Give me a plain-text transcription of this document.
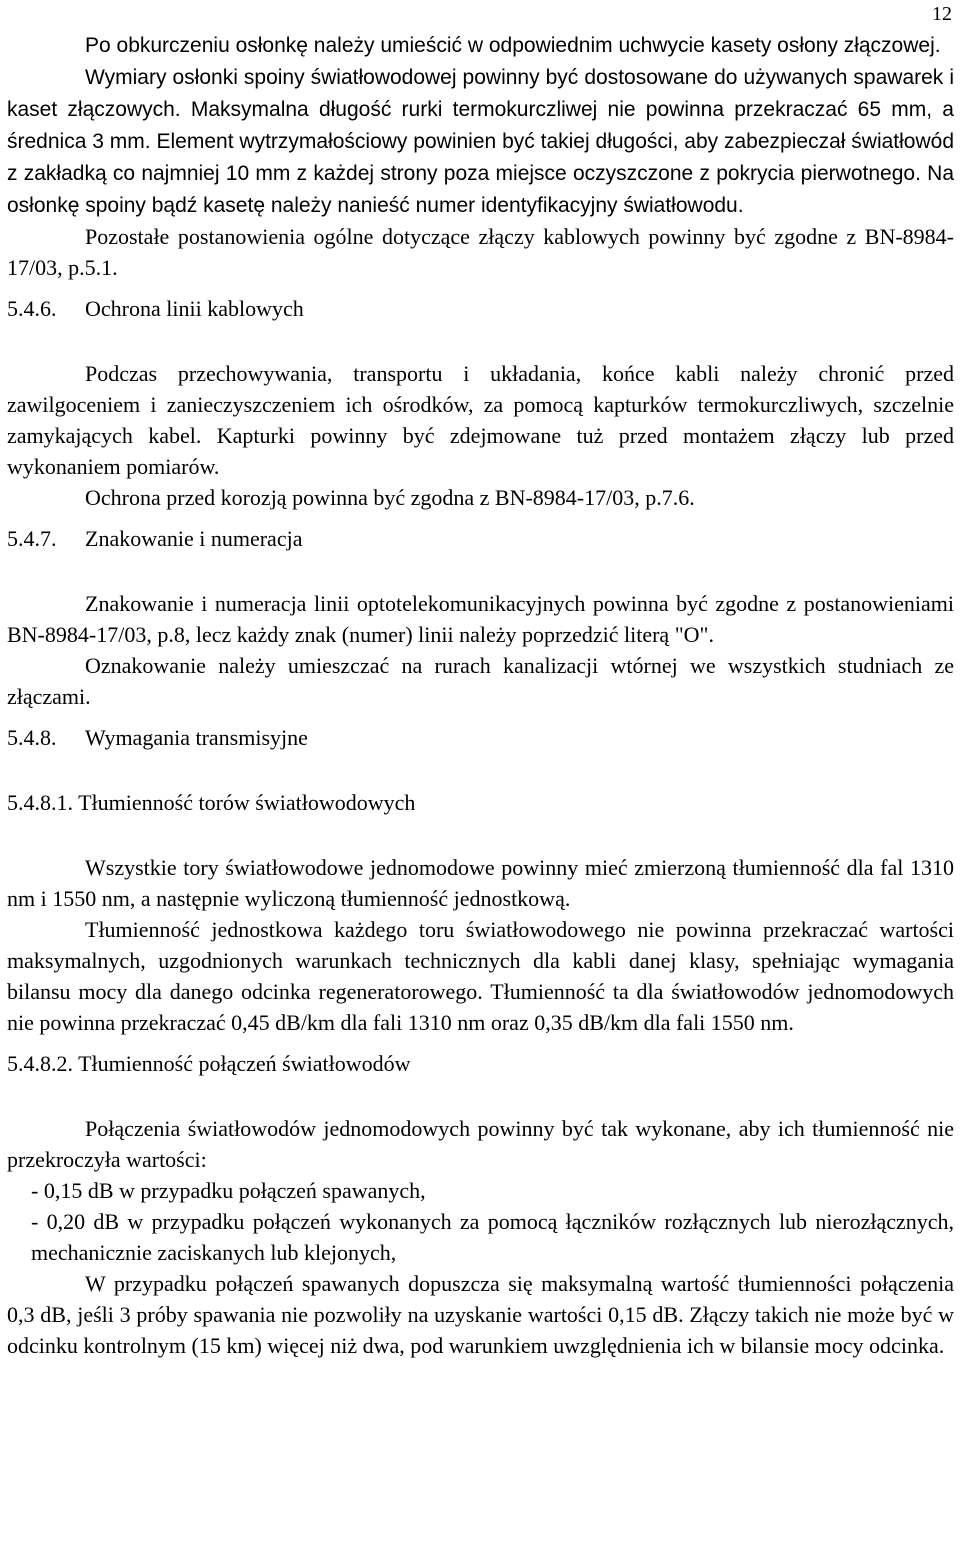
12

Po obkurczeniu osłonkę należy umieścić w odpowiednim uchwycie kasety osłony złączowej.

Wymiary osłonki spoiny światłowodowej powinny być dostosowane do używanych spawarek i kaset złączowych. Maksymalna długość rurki termokurczliwej nie powinna przekraczać 65 mm, a średnica 3 mm. Element wytrzymałościowy powinien być takiej długości, aby zabezpieczał światłowód z zakładką co najmniej 10 mm z każdej strony poza miejsce oczyszczone z pokrycia pierwotnego. Na osłonkę spoiny bądź kasetę należy nanieść numer identyfikacyjny światłowodu.

Pozostałe postanowienia ogólne dotyczące złączy kablowych powinny być zgodne z BN-8984-17/03, p.5.1.

5.4.6. Ochrona linii kablowych

Podczas przechowywania, transportu i układania, końce kabli należy chronić przed zawilgoceniem i zanieczyszczeniem ich ośrodków, za pomocą kapturków termokurczliwych, szczelnie zamykających kabel. Kapturki powinny być zdejmowane tuż przed montażem złączy lub przed wykonaniem pomiarów.

Ochrona przed korozją powinna być zgodna z BN-8984-17/03, p.7.6.

5.4.7. Znakowanie i numeracja

Znakowanie i numeracja linii optotelekomunikacyjnych powinna być zgodne z postanowieniami BN-8984-17/03, p.8, lecz każdy znak (numer) linii należy poprzedzić literą "O".

Oznakowanie należy umieszczać na rurach kanalizacji wtórnej we wszystkich studniach ze złączami.

5.4.8. Wymagania transmisyjne

5.4.8.1. Tłumienność torów światłowodowych

Wszystkie tory światłowodowe jednomodowe powinny mieć zmierzoną tłumienność dla fal 1310 nm i 1550 nm, a następnie wyliczoną tłumienność jednostkową.

Tłumienność jednostkowa każdego toru światłowodowego nie powinna przekraczać wartości maksymalnych, uzgodnionych warunkach technicznych dla kabli danej klasy, spełniając wymagania bilansu mocy dla danego odcinka regeneratorowego. Tłumienność ta dla światłowodów jednomodowych nie powinna przekraczać 0,45 dB/km dla fali 1310 nm oraz 0,35 dB/km dla fali 1550 nm.

5.4.8.2. Tłumienność połączeń światłowodów

Połączenia światłowodów jednomodowych powinny być tak wykonane, aby ich tłumienność nie przekroczyła wartości:

- 0,15 dB w przypadku połączeń spawanych,

- 0,20 dB w przypadku połączeń wykonanych za pomocą łączników rozłącznych lub nierozłącznych, mechanicznie zaciskanych lub klejonych,

W przypadku połączeń spawanych dopuszcza się maksymalną wartość tłumienności połączenia 0,3 dB, jeśli 3 próby spawania nie pozwoliły na uzyskanie wartości 0,15 dB. Złączy takich nie może być w odcinku kontrolnym (15 km) więcej niż dwa, pod warunkiem uwzględnienia ich w bilansie mocy odcinka.
